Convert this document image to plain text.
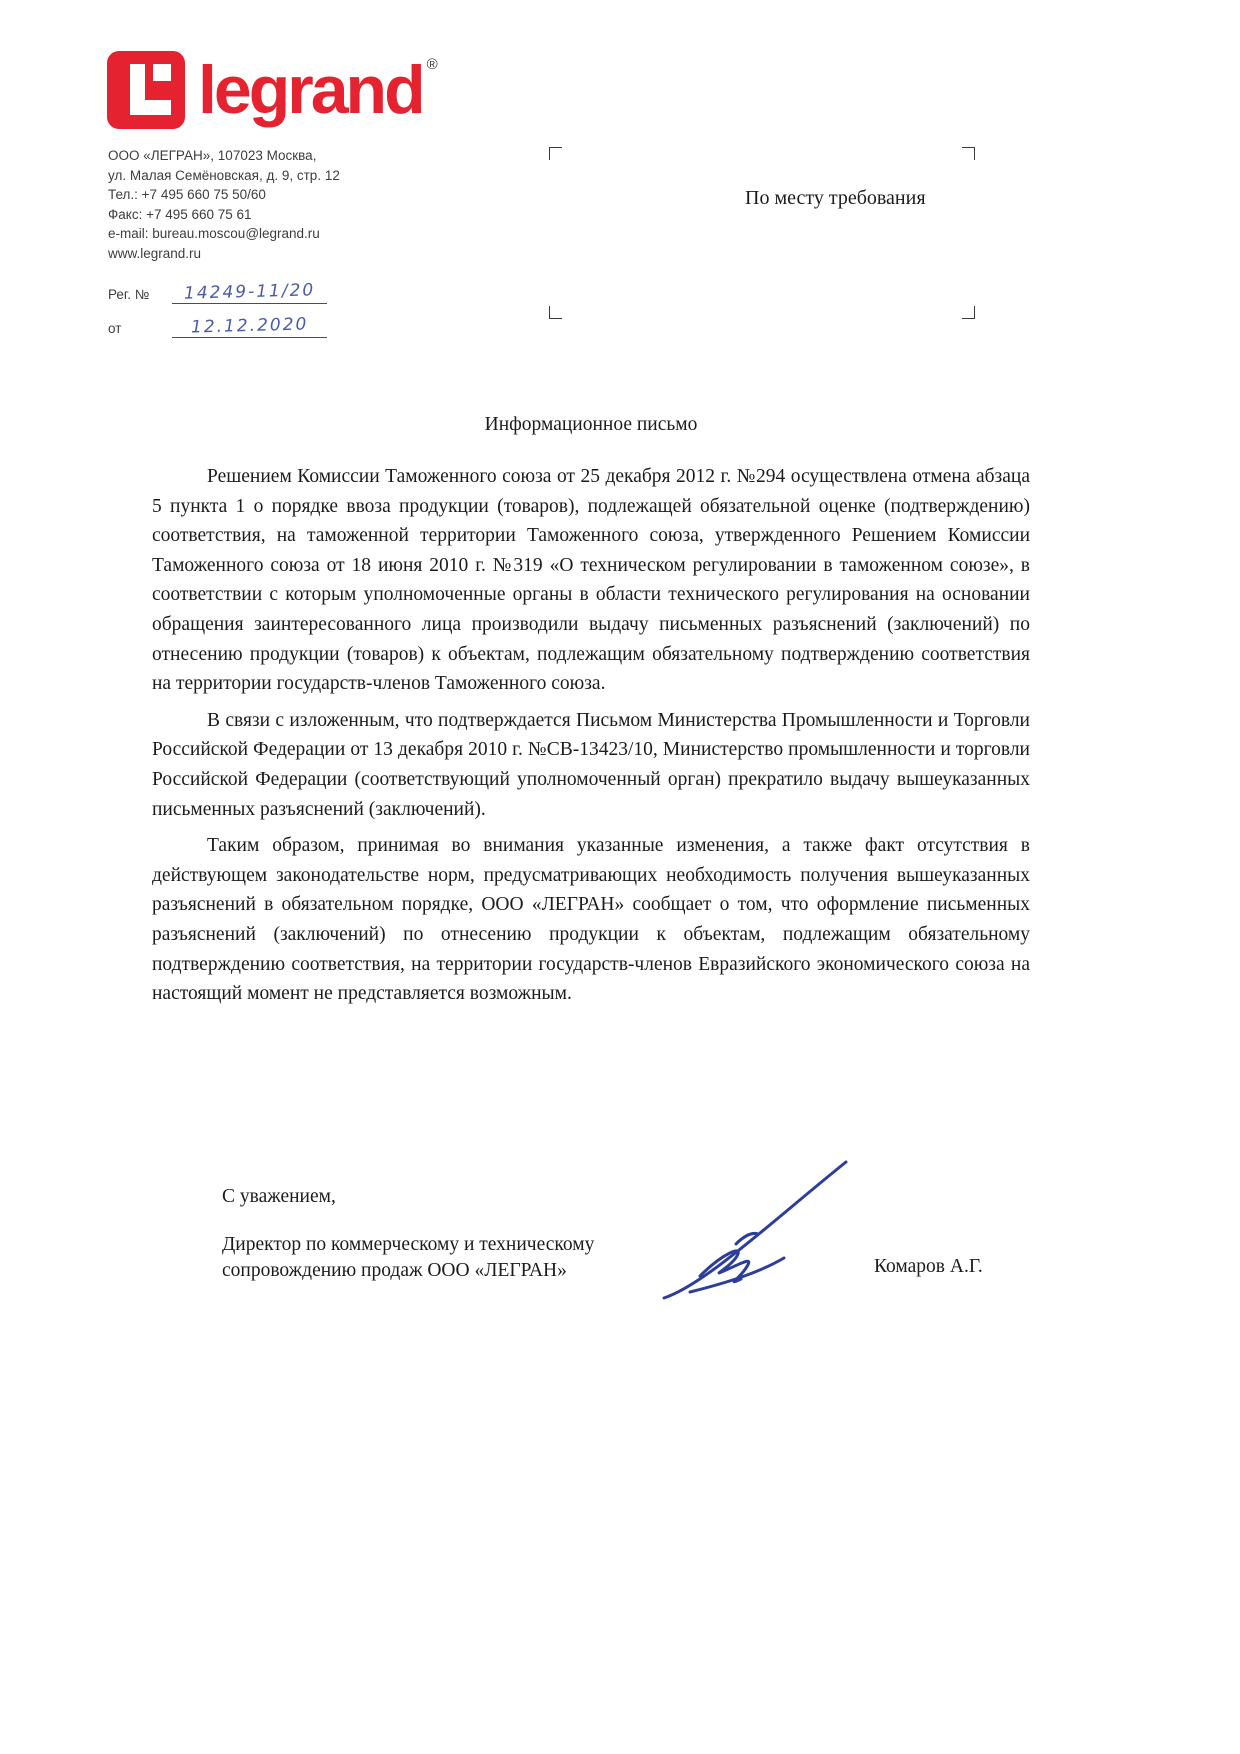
legrand ®
ООО «ЛЕГРАН», 107023 Москва,
ул. Малая Семёновская, д. 9, стр. 12
Тел.: +7 495 660 75 50/60
Факс: +7 495 660 75 61
e-mail: bureau.moscou@legrand.ru
www.legrand.ru
Рег. №	14249-11/20
от	12.12.2020
По месту требования
Информационное письмо

Решением Комиссии Таможенного союза от 25 декабря 2012 г. №294 осуществлена отмена абзаца 5 пункта 1 о порядке ввоза продукции (товаров), подлежащей обязательной оценке (подтверждению) соответствия, на таможенной территории Таможенного союза, утвержденного Решением Комиссии Таможенного союза от 18 июня 2010 г. №319 «О техническом регулировании в таможенном союзе», в соответствии с которым уполномоченные органы в области технического регулирования на основании обращения заинтересованного лица производили выдачу письменных разъяснений (заключений) по отнесению продукции (товаров) к объектам, подлежащим обязательному подтверждению соответствия на территории государств-членов Таможенного союза.

В связи с изложенным, что подтверждается Письмом Министерства Промышленности и Торговли Российской Федерации от 13 декабря 2010 г. №СВ-13423/10, Министерство промышленности и торговли Российской Федерации (соответствующий уполномоченный орган) прекратило выдачу вышеуказанных письменных разъяснений (заключений).

Таким образом, принимая во внимания указанные изменения, а также факт отсутствия в действующем законодательстве норм, предусматривающих необходимость получения вышеуказанных разъяснений в обязательном порядке, ООО «ЛЕГРАН» сообщает о том, что оформление письменных разъяснений (заключений) по отнесению продукции к объектам, подлежащим обязательному подтверждению соответствия, на территории государств-членов Евразийского экономического союза на настоящий момент не представляется возможным.

С уважением,
Директор по коммерческому и техническому
сопровождению продаж ООО «ЛЕГРАН»	Комаров А.Г.
